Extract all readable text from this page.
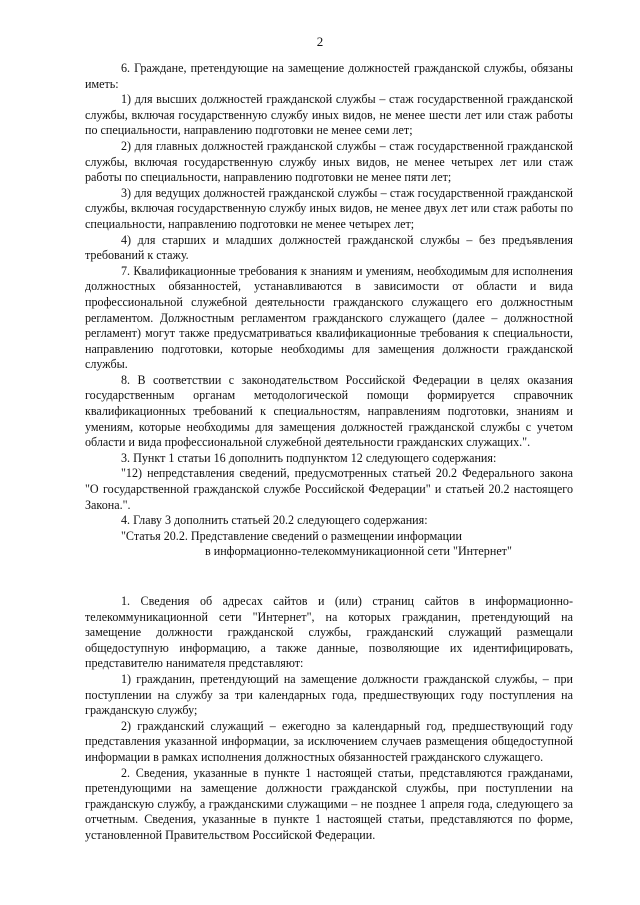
2

6. Граждане, претендующие на замещение должностей гражданской службы, обязаны иметь:

1) для высших должностей гражданской службы – стаж государственной гражданской службы, включая государственную службу иных видов, не менее шести лет или стаж работы по специальности, направлению подготовки не менее семи лет;

2) для главных должностей гражданской службы – стаж государственной гражданской службы, включая государственную службу иных видов, не менее четырех лет или стаж работы по специальности, направлению подготовки не менее пяти лет;

3) для ведущих должностей гражданской службы – стаж государственной гражданской службы, включая государственную службу иных видов, не менее двух лет или стаж работы по специальности, направлению подготовки не менее четырех лет;

4) для старших и младших должностей гражданской службы – без предъявления требований к стажу.

7. Квалификационные требования к знаниям и умениям, необходимым для исполнения должностных обязанностей, устанавливаются в зависимости от области и вида профессиональной служебной деятельности гражданского служащего его должностным регламентом. Должностным регламентом гражданского служащего (далее – должностной регламент) могут также предусматриваться квалификационные требования к специальности, направлению подготовки, которые необходимы для замещения должности гражданской службы.

8. В соответствии с законодательством Российской Федерации в целях оказания государственным органам методологической помощи формируется справочник квалификационных требований к специальностям, направлениям подготовки, знаниям и умениям, которые необходимы для замещения должностей гражданской службы с учетом области и вида профессиональной служебной деятельности гражданских служащих.".

3. Пункт 1 статьи 16 дополнить подпунктом 12 следующего содержания:

"12) непредставления сведений, предусмотренных статьей 20.2 Федерального закона "О государственной гражданской службе Российской Федерации" и статьей 20.2 настоящего Закона.".

4. Главу 3 дополнить статьей 20.2 следующего содержания:

"Статья 20.2. Представление сведений о размещении информации
в информационно-телекоммуникационной сети "Интернет"

1. Сведения об адресах сайтов и (или) страниц сайтов в информационно-телекоммуникационной сети "Интернет", на которых гражданин, претендующий на замещение должности гражданской службы, гражданский служащий размещали общедоступную информацию, а также данные, позволяющие их идентифицировать, представителю нанимателя представляют:

1) гражданин, претендующий на замещение должности гражданской службы, – при поступлении на службу за три календарных года, предшествующих году поступления на гражданскую службу;

2) гражданский служащий – ежегодно за календарный год, предшествующий году представления указанной информации, за исключением случаев размещения общедоступной информации в рамках исполнения должностных обязанностей гражданского служащего.

2. Сведения, указанные в пункте 1 настоящей статьи, представляются гражданами, претендующими на замещение должности гражданской службы, при поступлении на гражданскую службу, а гражданскими служащими – не позднее 1 апреля года, следующего за отчетным. Сведения, указанные в пункте 1 настоящей статьи, представляются по форме, установленной Правительством Российской Федерации.
